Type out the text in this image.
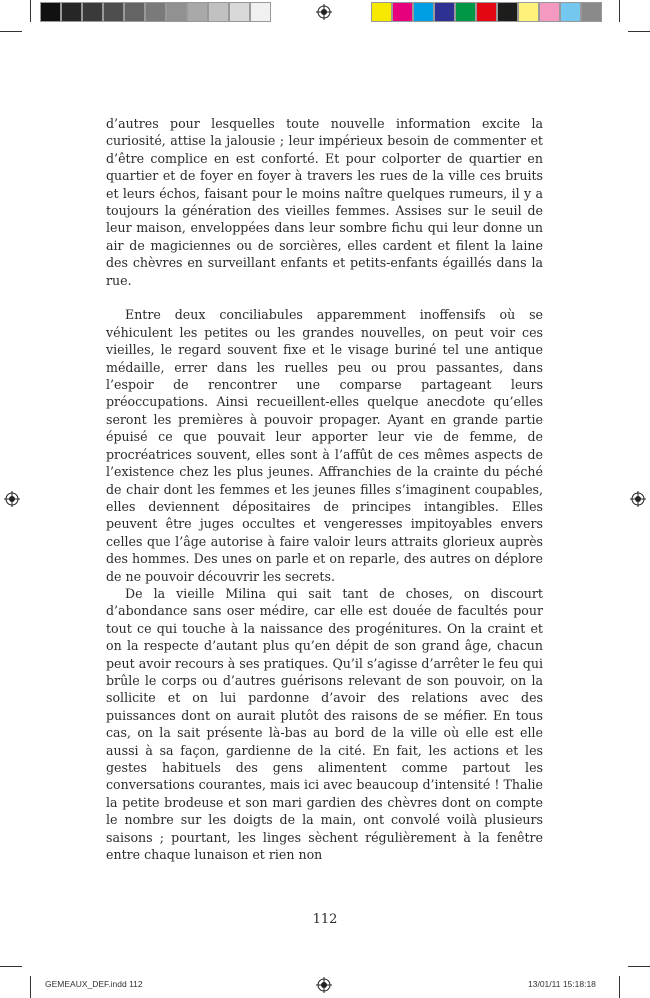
d’autres pour lesquelles toute nouvelle information excite la curiosité, attise la jalousie ; leur impérieux besoin de commenter et d’être complice en est conforté. Et pour colporter de quartier en quartier et de foyer en foyer à travers les rues de la ville ces bruits et leurs échos, faisant pour le moins naître quelques rumeurs, il y a toujours la génération des vieilles femmes. Assises sur le seuil de leur maison, enveloppées dans leur sombre fichu qui leur donne un air de magiciennes ou de sorcières, elles cardent et filent la laine des chèvres en surveillant enfants et petits-enfants égaillés dans la rue.

Entre deux conciliabules apparemment inoffensifs où se véhiculent les petites ou les grandes nouvelles, on peut voir ces vieilles, le regard souvent fixe et le visage buriné tel une antique médaille, errer dans les ruelles peu ou prou passantes, dans l’espoir de rencontrer une comparse partageant leurs préoccupations. Ainsi recueillent-elles quelque anecdote qu’elles seront les premières à pouvoir propager. Ayant en grande partie épuisé ce que pouvait leur apporter leur vie de femme, de procréatrices souvent, elles sont à l’affût de ces mêmes aspects de l’existence chez les plus jeunes. Affranchies de la crainte du péché de chair dont les femmes et les jeunes filles s’imaginent coupables, elles deviennent dépositaires de principes intangibles. Elles peuvent être juges occultes et vengeresses impitoyables envers celles que l’âge autorise à faire valoir leurs attraits glorieux auprès des hommes. Des unes on parle et on reparle, des autres on déplore de ne pouvoir découvrir les secrets.

De la vieille Milina qui sait tant de choses, on discourt d’abondance sans oser médire, car elle est douée de facultés pour tout ce qui touche à la naissance des progénitures. On la craint et on la respecte d’autant plus qu’en dépit de son grand âge, chacun peut avoir recours à ses pratiques. Qu’il s’agisse d’arrêter le feu qui brûle le corps ou d’autres guérisons relevant de son pouvoir, on la sollicite et on lui pardonne d’avoir des relations avec des puissances dont on aurait plutôt des raisons de se méfier. En tous cas, on la sait présente là-bas au bord de la ville où elle est elle aussi à sa façon, gardienne de la cité. En fait, les actions et les gestes habituels des gens alimentent comme partout les conversations courantes, mais ici avec beaucoup d’intensité ! Thalie la petite brodeuse et son mari gardien des chèvres dont on compte le nombre sur les doigts de la main, ont convolé voilà plusieurs saisons ; pourtant, les linges sèchent régulièrement à la fenêtre entre chaque lunaison et rien non

112
GEMEAUX_DEF.indd 112	13/01/11 15:18:18
